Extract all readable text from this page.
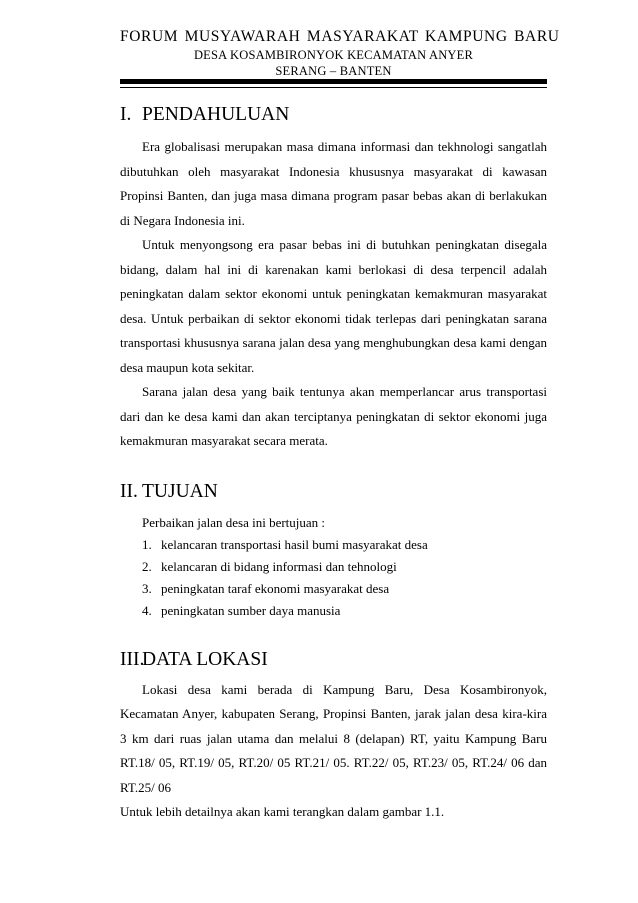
FORUM MUSYAWARAH MASYARAKAT KAMPUNG BARU
DESA KOSAMBIRONYOK KECAMATAN ANYER
SERANG – BANTEN
I. PENDAHULUAN

Era globalisasi merupakan masa dimana informasi dan tekhnologi sangatlah dibutuhkan oleh masyarakat Indonesia khususnya masyarakat di kawasan Propinsi Banten, dan juga masa dimana program pasar bebas akan di berlakukan di Negara Indonesia ini.

Untuk menyongsong era pasar bebas ini di butuhkan peningkatan disegala bidang, dalam hal ini di karenakan kami berlokasi di desa terpencil adalah peningkatan dalam sektor ekonomi untuk peningkatan kemakmuran masyarakat desa. Untuk perbaikan di sektor ekonomi tidak terlepas dari peningkatan sarana transportasi khususnya sarana jalan desa yang menghubungkan desa kami dengan desa maupun kota sekitar.

Sarana jalan desa yang baik tentunya akan memperlancar arus transportasi dari dan ke desa kami dan akan terciptanya peningkatan di sektor ekonomi juga kemakmuran masyarakat secara merata.

II. TUJUAN

Perbaikan jalan desa ini bertujuan :

1. kelancaran transportasi hasil bumi masyarakat desa
2. kelancaran di bidang informasi dan tehnologi
3. peningkatan taraf ekonomi masyarakat desa
4. peningkatan sumber daya manusia
III.DATA LOKASI

Lokasi desa kami berada di Kampung Baru, Desa Kosambironyok, Kecamatan Anyer, kabupaten Serang, Propinsi Banten, jarak jalan desa kira-kira 3 km dari ruas jalan utama dan melalui 8 (delapan) RT, yaitu Kampung Baru RT.18/ 05, RT.19/ 05, RT.20/ 05 RT.21/ 05. RT.22/ 05, RT.23/ 05, RT.24/ 06 dan RT.25/ 06

Untuk lebih detailnya akan kami terangkan dalam gambar 1.1.
